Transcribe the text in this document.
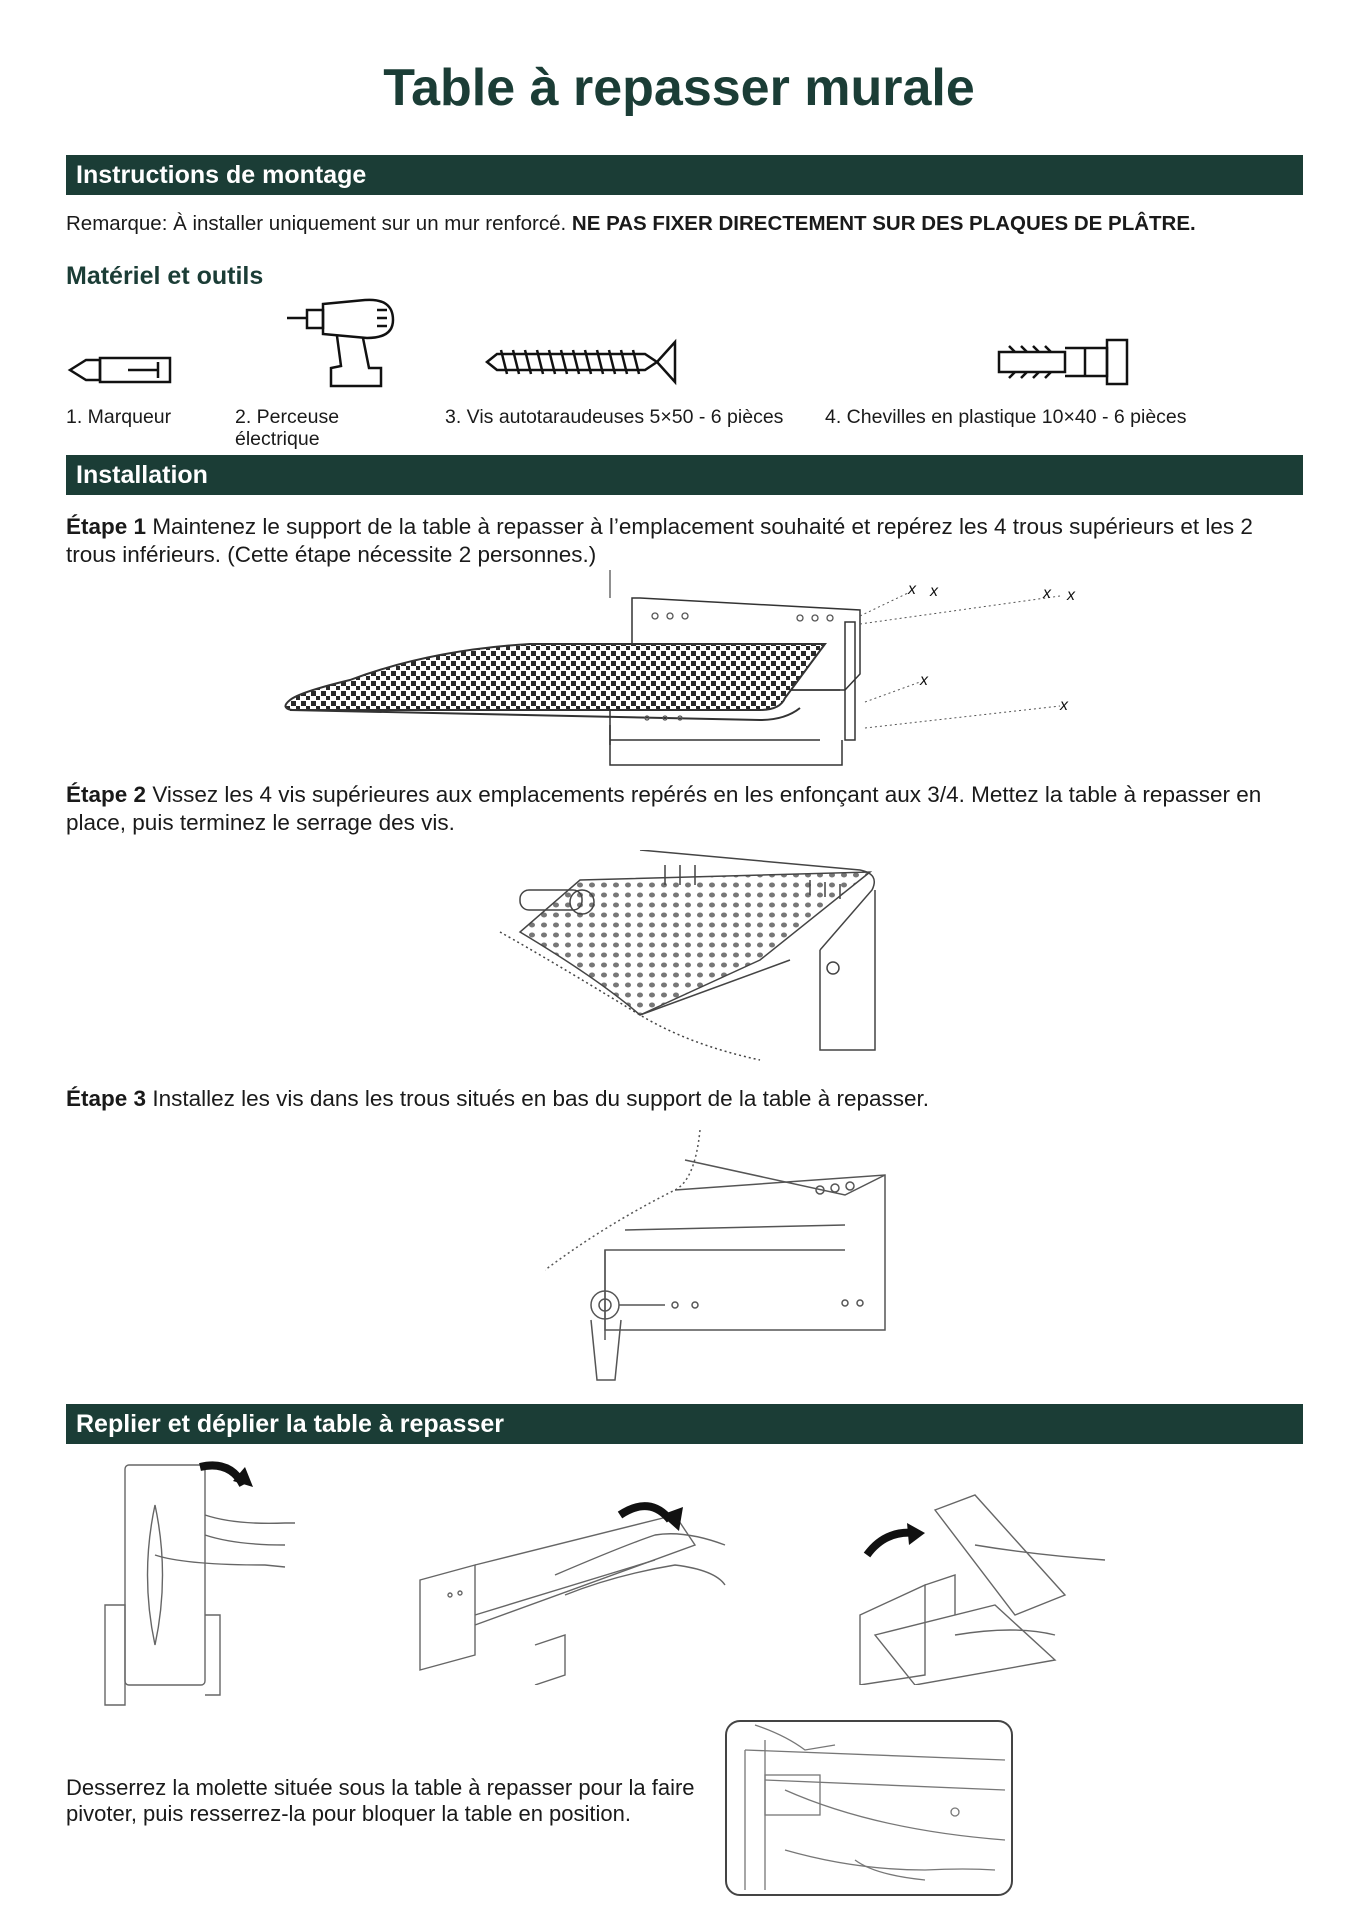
Table à repasser murale
Instructions de montage
Remarque: À installer uniquement sur un mur renforcé. NE PAS FIXER DIRECTEMENT SUR DES PLAQUES DE PLÂTRE.
Matériel et outils
1. Marqueur	2. Perceuse électrique
3. Vis autotaraudeuses 5×50 - 6 pièces 4. Chevilles en plastique 10×40 - 6 pièces
Installation
Étape 1 Maintenez le support de la table à repasser à l’emplacement souhaité et repérez les 4 trous supérieurs et les 2 trous inférieurs. (Cette étape nécessite 2 personnes.)
x x	x x
x
x
Étape 2 Vissez les 4 vis supérieures aux emplacements repérés en les enfonçant aux 3/4. Mettez la table à repasser en place, puis terminez le serrage des vis.
Étape 3 Installez les vis dans les trous situés en bas du support de la table à repasser.
Replier et déplier la table à repasser
Desserrez la molette située sous la table à repasser pour la faire pivoter, puis resserrez-la pour bloquer la table en position.
